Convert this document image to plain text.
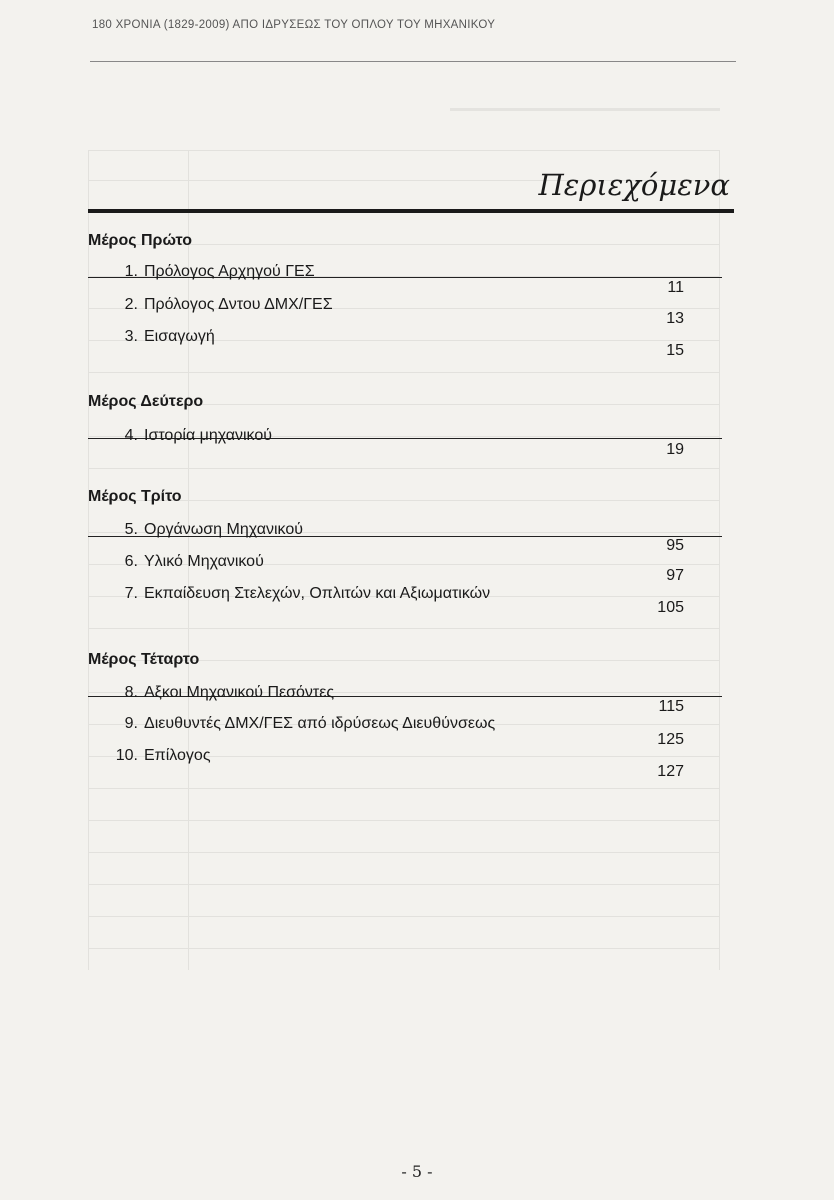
180 ΧΡΟΝΙΑ (1829-2009) ΑΠΟ ΙΔΡΥΣΕΩΣ ΤΟΥ ΟΠΛΟΥ ΤΟΥ ΜΗΧΑΝΙΚΟΥ
Περιεχόμενα
Μέρος Πρώτο
1. Πρόλογος Αρχηγού ΓΕΣ
11
2. Πρόλογος Δντου ΔΜΧ/ΓΕΣ
13
3. Εισαγωγή
15
Μέρος Δεύτερο
4. Ιστορία μηχανικού
19
Μέρος Τρίτο
5. Οργάνωση Μηχανικού
95
6. Υλικό Μηχανικού
97
7. Εκπαίδευση Στελεχών, Οπλιτών και Αξιωματικών
105
Μέρος Τέταρτο
8. Αξκοι Μηχανικού Πεσόντες
115
9. Διευθυντές ΔΜΧ/ΓΕΣ από ιδρύσεως Διευθύνσεως
125
10. Επίλογος
127
- 5 -
